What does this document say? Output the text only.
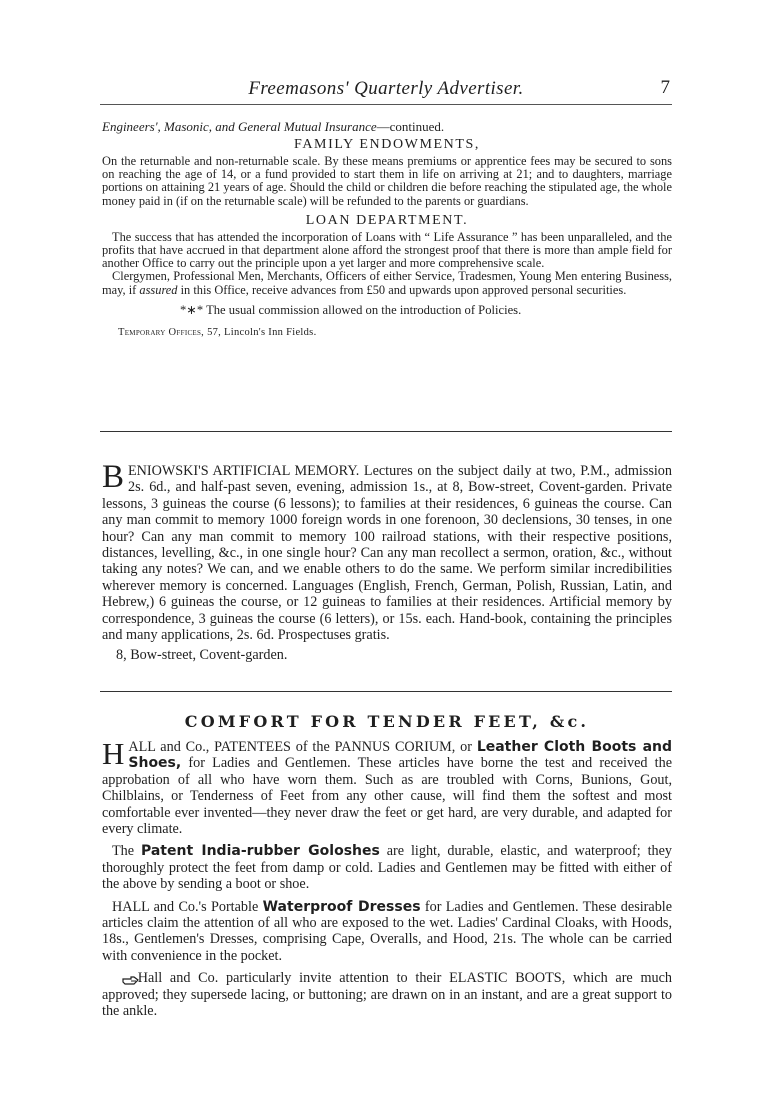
Freemasons' Quarterly Advertiser.	7
Engineers', Masonic, and General Mutual Insurance—continued.
FAMILY ENDOWMENTS,

On the returnable and non-returnable scale. By these means premiums or apprentice fees may be secured to sons on reaching the age of 14, or a fund provided to start them in life on arriving at 21; and to daughters, marriage portions on attaining 21 years of age. Should the child or children die before reaching the stipulated age, the whole money paid in (if on the returnable scale) will be refunded to the parents or guardians.

LOAN DEPARTMENT.

The success that has attended the incorporation of Loans with “ Life Assurance ” has been unparalleled, and the profits that have accrued in that department alone afford the strongest proof that there is more than ample field for another Office to carry out the principle upon a yet larger and more comprehensive scale.

Clergymen, Professional Men, Merchants, Officers of either Service, Tradesmen, Young Men entering Business, may, if assured in this Office, receive advances from £50 and upwards upon approved personal securities.

*∗* The usual commission allowed on the introduction of Policies.
Temporary Offices, 57, Lincoln's Inn Fields.

BENIOWSKI'S ARTIFICIAL MEMORY. Lectures on the subject daily at two, P.M., admission 2s. 6d., and half-past seven, evening, admission 1s., at 8, Bow-street, Covent-garden. Private lessons, 3 guineas the course (6 lessons); to families at their residences, 6 guineas the course. Can any man commit to memory 1000 foreign words in one forenoon, 30 declensions, 30 tenses, in one hour? Can any man commit to memory 100 railroad stations, with their respective positions, distances, levelling, &c., in one single hour? Can any man recollect a sermon, oration, &c., without taking any notes? We can, and we enable others to do the same. We perform similar incredibilities wherever memory is concerned. Languages (English, French, German, Polish, Russian, Latin, and Hebrew,) 6 guineas the course, or 12 guineas to families at their residences. Artificial memory by correspondence, 3 guineas the course (6 letters), or 15s. each. Hand-book, containing the principles and many applications, 2s. 6d. Prospectuses gratis.

8, Bow-street, Covent-garden.
COMFORT FOR TENDER FEET, &c.

HALL and Co., PATENTEES of the PANNUS CORIUM, or Leather Cloth Boots and Shoes, for Ladies and Gentlemen. These articles have borne the test and received the approbation of all who have worn them. Such as are troubled with Corns, Bunions, Gout, Chilblains, or Tenderness of Feet from any other cause, will find them the softest and most comfortable ever invented—they never draw the feet or get hard, are very durable, and adapted for every climate.

The Patent India-rubber Goloshes are light, durable, elastic, and waterproof; they thoroughly protect the feet from damp or cold. Ladies and Gentlemen may be fitted with either of the above by sending a boot or shoe.

HALL and Co.'s Portable Waterproof Dresses for Ladies and Gentlemen. These desirable articles claim the attention of all who are exposed to the wet. Ladies' Cardinal Cloaks, with Hoods, 18s., Gentlemen's Dresses, comprising Cape, Overalls, and Hood, 21s. The whole can be carried with convenience in the pocket.

Hall and Co. particularly invite attention to their ELASTIC BOOTS, which are much approved; they supersede lacing, or buttoning; are drawn on in an instant, and are a great support to the ankle.
